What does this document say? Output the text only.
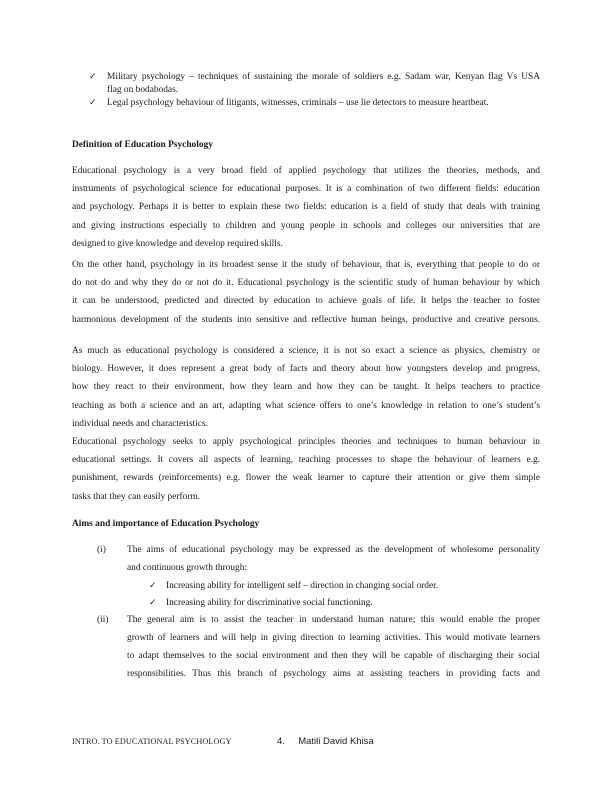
✓ Military psychology – techniques of sustaining the morale of soldiers e.g. Sadam war, Kenyan flag Vs USA
flag on bodabodas.
✓ Legal psychology behaviour of litigants, witnesses, criminals – use lie detectors to measure heartbeat.
Definition of Education Psychology
Educational psychology is a very broad field of applied psychology that utilizes the theories, methods, and
instruments of psychological science for educational purposes. It is a combination of two different fields: education
and psychology. Perhaps it is better to explain these two fields: education is a field of study that deals with training
and giving instructions especially to children and young people in schools and colleges our universities that are
designed to give knowledge and develop required skills.
On the other hand, psychology in its broadest sense it the study of behaviour, that is, everything that people to do or
do not do and why they do or not do it. Educational psychology is the scientific study of human behaviour by which
it can be understood, predicted and directed by education to achieve goals of life. It helps the teacher to foster
harmonious development of the students into sensitive and reflective human beings, productive and creative persons.
As much as educational psychology is considered a science, it is not so exact a science as physics, chemistry or
biology. However, it does represent a great body of facts and theory about how youngsters develop and progress,
how they react to their environment, how they learn and how they can be taught. It helps teachers to practice
teaching as both a science and an art, adapting what science offers to one’s knowledge in relation to one’s student’s
individual needs and characteristics.
Educational psychology seeks to apply psychological principles theories and techniques to human behaviour in
educational settings. It covers all aspects of learning, teaching processes to shape the behaviour of learners e.g.
punishment, rewards (reinforcements) e.g. flower the weak learner to capture their attention or give them simple
tasks that they can easily perform.
Aims and importance of Education Psychology
(i) The aims of educational psychology may be expressed as the development of wholesome personality
and continuous growth through:
✓ Increasing ability for intelligent self – direction in changing social order.
✓ Increasing ability for discriminative social functioning.
(ii) The general aim is to assist the teacher in understand human nature; this would enable the proper
growth of learners and will help in giving direction to learning activities. This would motivate learners
to adapt themselves to the social environment and then they will be capable of discharging their social
responsibilities. Thus this branch of psychology aims at assisting teachers in providing facts and
INTRO. TO EDUCATIONAL PSYCHOLOGY	4. Matili David Khisa
